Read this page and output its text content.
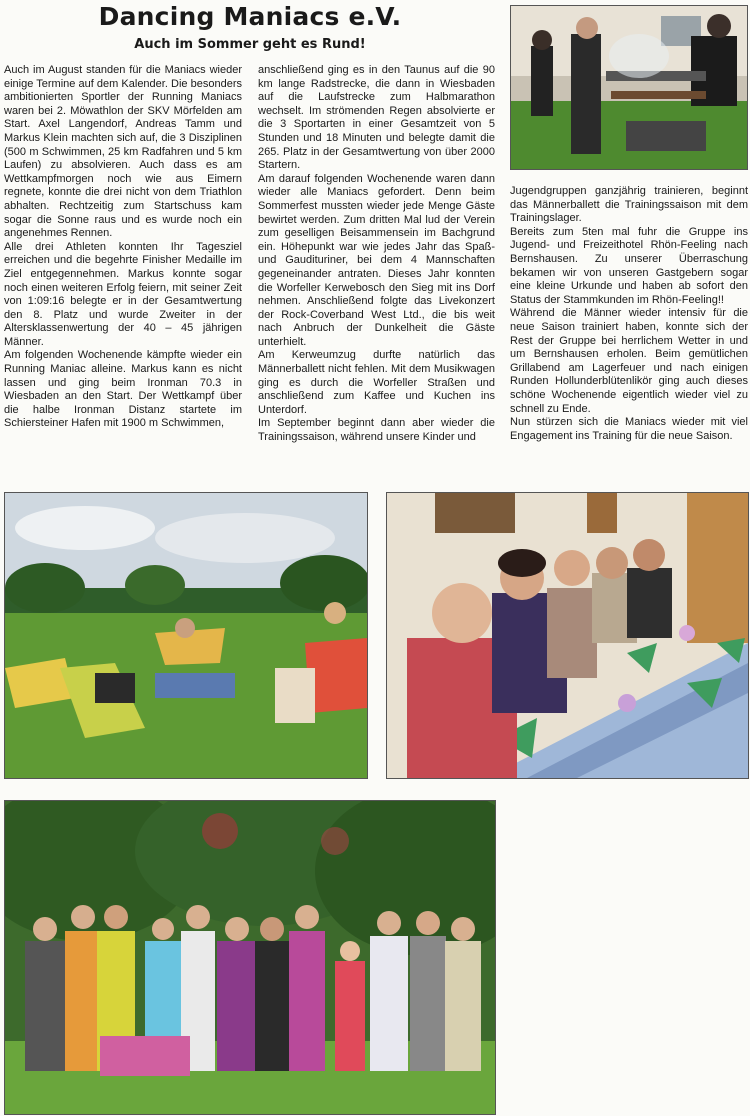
Dancing Maniacs e.V.
Auch im Sommer geht es Rund!

Auch im August standen für die Maniacs wieder einige Termine auf dem Kalender. Die besonders ambitionierten Sportler der Running Maniacs waren bei 2. Möwathlon der SKV Mörfelden am Start. Axel Langendorf, Andreas Tamm und Markus Klein machten sich auf, die 3 Disziplinen (500 m Schwimmen, 25 km Radfahren und 5 km Laufen) zu absolvieren. Auch dass es am Wettkampfmorgen noch wie aus Eimern regnete, konnte die drei nicht von dem Triathlon abhalten. Rechtzeitig zum Startschuss kam sogar die Sonne raus und es wurde noch ein angenehmes Rennen.

Alle drei Athleten konnten Ihr Tagesziel erreichen und die begehrte Finisher Medaille im Ziel entgegennehmen. Markus konnte sogar noch einen weiteren Erfolg feiern, mit seiner Zeit von 1:09:16 belegte er in der Gesamtwertung den 8. Platz und wurde Zweiter in der Altersklassenwertung der 40 – 45 jährigen Männer.

Am folgenden Wochenende kämpfte wieder ein Running Maniac alleine. Markus kann es nicht lassen und ging beim Ironman 70.3 in Wiesbaden an den Start. Der Wettkampf über die halbe Ironman Distanz startete im Schiersteiner Hafen mit 1900 m Schwimmen,

anschließend ging es in den Taunus auf die 90 km lange Radstrecke, die dann in Wiesbaden auf die Laufstrecke zum Halbmarathon wechselt. Im strömenden Regen absolvierte er die 3 Sportarten in einer Gesamtzeit von 5 Stunden und 18 Minuten und belegte damit die 265. Platz in der Gesamtwertung von über 2000 Startern.

Am darauf folgenden Wochenende waren dann wieder alle Maniacs gefordert. Denn beim Sommerfest mussten wieder jede Menge Gäste bewirtet werden. Zum dritten Mal lud der Verein zum geselligen Beisammensein im Bachgrund ein. Höhepunkt war wie jedes Jahr das Spaß- und Gaudituriner, bei dem 4 Mannschaften gegeneinander antraten. Dieses Jahr konnten die Worfeller Kerwebosch den Sieg mit ins Dorf nehmen. Anschließend folgte das Livekonzert der Rock-Coverband West Ltd., die bis weit nach Anbruch der Dunkelheit die Gäste unterhielt.

Am Kerweumzug durfte natürlich das Männerballett nicht fehlen. Mit dem Musikwagen ging es durch die Worfeller Straßen und anschließend zum Kaffee und Kuchen ins Unterdorf.

Im September beginnt dann aber wieder die Trainingssaison, während unsere Kinder und

Jugendgruppen ganzjährig trainieren, beginnt das Männerballett die Trainingssaison mit dem Trainingslager.

Bereits zum 5ten mal fuhr die Gruppe ins Jugend- und Freizeithotel Rhön-Feeling nach Bernshausen. Zu unserer Überraschung bekamen wir von unseren Gastgebern sogar eine kleine Urkunde und haben ab sofort den Status der Stammkunden im Rhön-Feeling!!

Während die Männer wieder intensiv für die neue Saison trainiert haben, konnte sich der Rest der Gruppe bei herrlichem Wetter in und um Bernshausen erholen. Beim gemütlichen Grillabend am Lagerfeuer und nach einigen Runden Hollunderblütenlikör ging auch dieses schöne Wochenende eigentlich wieder viel zu schnell zu Ende.

Nun stürzen sich die Maniacs wieder mit viel Engagement ins Training für die neue Saison.
